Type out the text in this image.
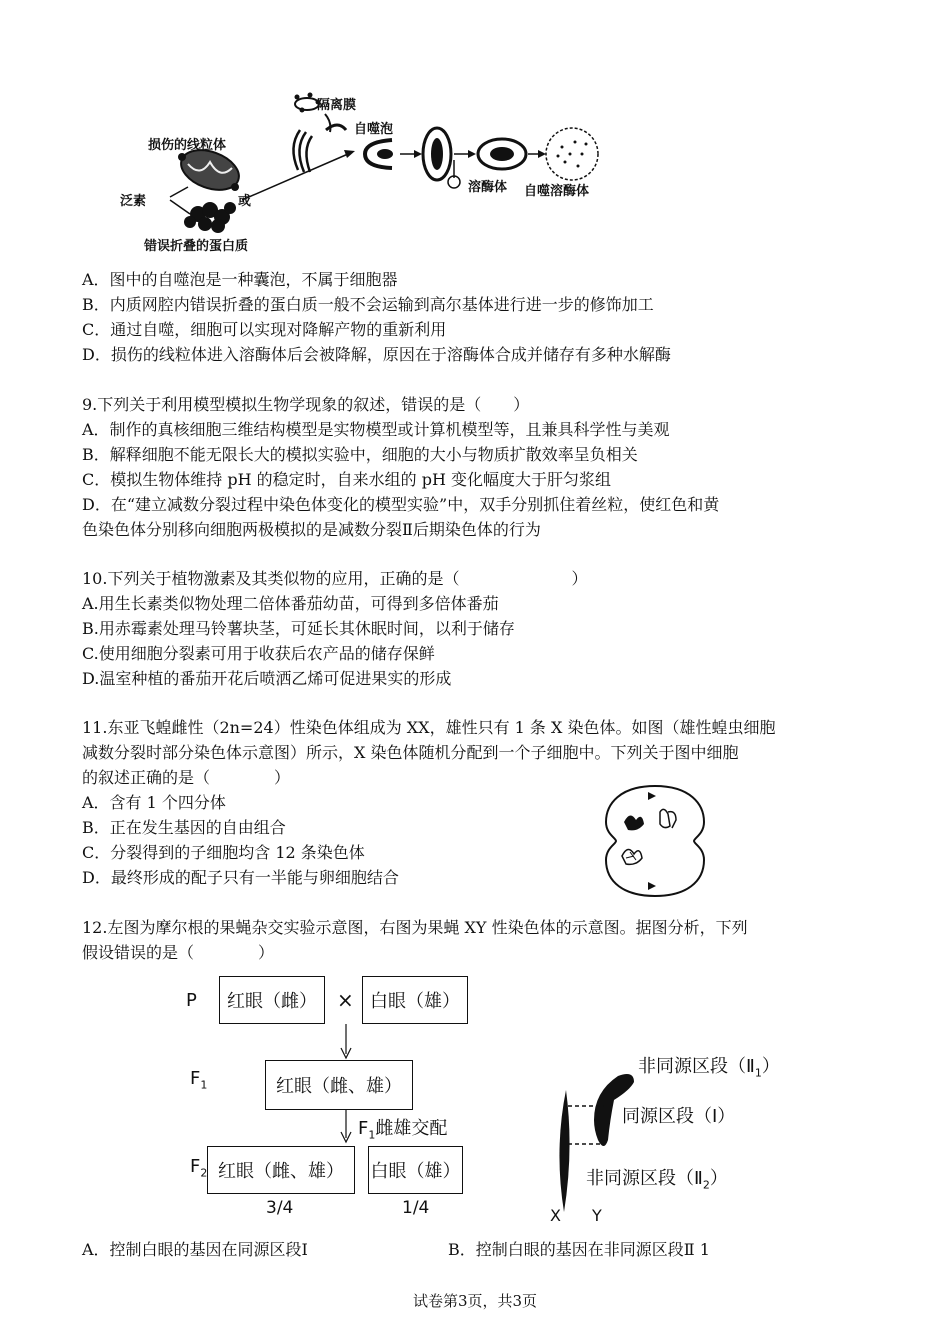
隔离膜
自噬泡
损伤的线粒体
泛素	或
错误折叠的蛋白质
溶酶体 自噬溶酶体
A．图中的自噬泡是一种囊泡，不属于细胞器
B．内质网腔内错误折叠的蛋白质一般不会运输到高尔基体进行进一步的修饰加工
C．通过自噬，细胞可以实现对降解产物的重新利用
D．损伤的线粒体进入溶酶体后会被降解，原因在于溶酶体合成并储存有多种水解酶
9.下列关于利用模型模拟生物学现象的叙述，错误的是（　　）
A．制作的真核细胞三维结构模型是实物模型或计算机模型等，且兼具科学性与美观
B．解释细胞不能无限长大的模拟实验中，细胞的大小与物质扩散效率呈负相关
C．模拟生物体维持 pH 的稳定时，自来水组的 pH 变化幅度大于肝匀浆组
D．在“建立减数分裂过程中染色体变化的模型实验”中，双手分别抓住着丝粒，使红色和黄
色染色体分别移向细胞两极模拟的是减数分裂Ⅱ后期染色体的行为
10.下列关于植物激素及其类似物的应用，正确的是（　　　　　　　）
A.用生长素类似物处理二倍体番茄幼苗，可得到多倍体番茄
B.用赤霉素处理马铃薯块茎，可延长其休眠时间，以利于储存
C.使用细胞分裂素可用于收获后农产品的储存保鲜
D.温室种植的番茄开花后喷洒乙烯可促进果实的形成
11.东亚飞蝗雌性（2n=24）性染色体组成为 XX，雄性只有 1 条 X 染色体。如图（雄性蝗虫细胞
减数分裂时部分染色体示意图）所示，X 染色体随机分配到一个子细胞中。下列关于图中细胞
的叙述正确的是（　　　　）
A．含有 1 个四分体
B．正在发生基因的自由组合
C．分裂得到的子细胞均含 12 条染色体
D．最终形成的配子只有一半能与卵细胞结合
12.左图为摩尔根的果蝇杂交实验示意图，右图为果蝇 XY 性染色体的示意图。据图分析，下列
假设错误的是（　　　　）
P 红眼（雌） × 白眼（雄）
$F_1$	红眼（雌、雄）
$F_1$雌雄交配
$F_2$ 红眼（雌、雄） 白眼（雄）
3/4	1/4
非同源区段$(Ⅱ_1)$
同源区段（Ⅰ）
非同源区段$(Ⅱ_2)$
X Y
A．控制白眼的基因在同源区段Ⅰ	B．控制白眼的基因在非同源区段Ⅱ 1
试卷第3页，共3页
